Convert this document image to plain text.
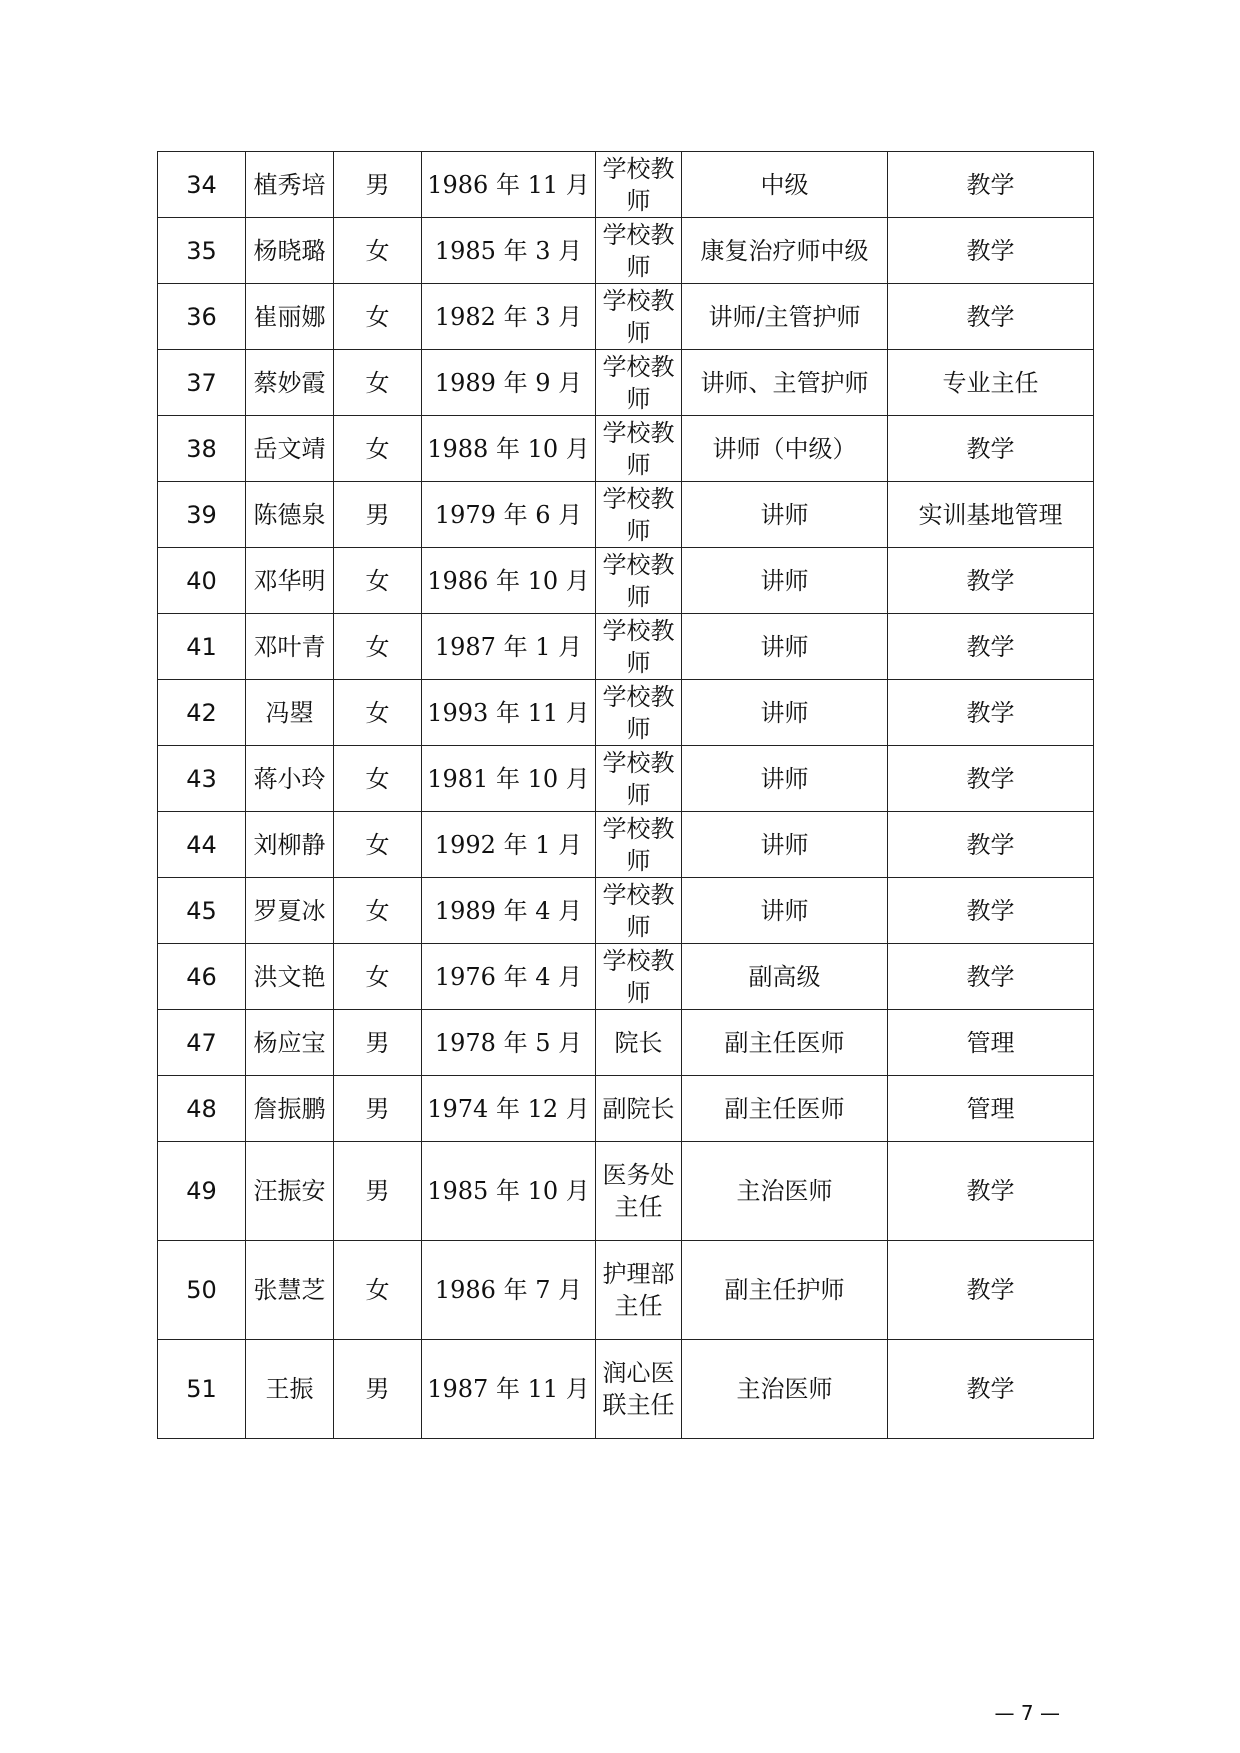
34	植秀培	男	1986 年 11 月	学校教师	中级	教学
35	杨晓璐	女	1985 年 3 月	学校教师	康复治疗师中级	教学
36	崔丽娜	女	1982 年 3 月	学校教师	讲师/主管护师	教学
37	蔡妙霞	女	1989 年 9 月	学校教师	讲师、主管护师	专业主任
38	岳文靖	女	1988 年 10 月	学校教师	讲师（中级）	教学
39	陈德泉	男	1979 年 6 月	学校教师	讲师	实训基地管理
40	邓华明	女	1986 年 10 月	学校教师	讲师	教学
41	邓叶青	女	1987 年 1 月	学校教师	讲师	教学
42	冯曌	女	1993 年 11 月	学校教师	讲师	教学
43	蒋小玲	女	1981 年 10 月	学校教师	讲师	教学
44	刘柳静	女	1992 年 1 月	学校教师	讲师	教学
45	罗夏冰	女	1989 年 4 月	学校教师	讲师	教学
46	洪文艳	女	1976 年 4 月	学校教师	副高级	教学
47	杨应宝	男	1978 年 5 月	院长	副主任医师	管理
48	詹振鹏	男	1974 年 12 月	副院长	副主任医师	管理
49	汪振安	男	1985 年 10 月	医务处主任	主治医师	教学
50	张慧芝	女	1986 年 7 月	护理部主任	副主任护师	教学
51	王振	男	1987 年 11 月	润心医联主任	主治医师	教学
— 7 —
